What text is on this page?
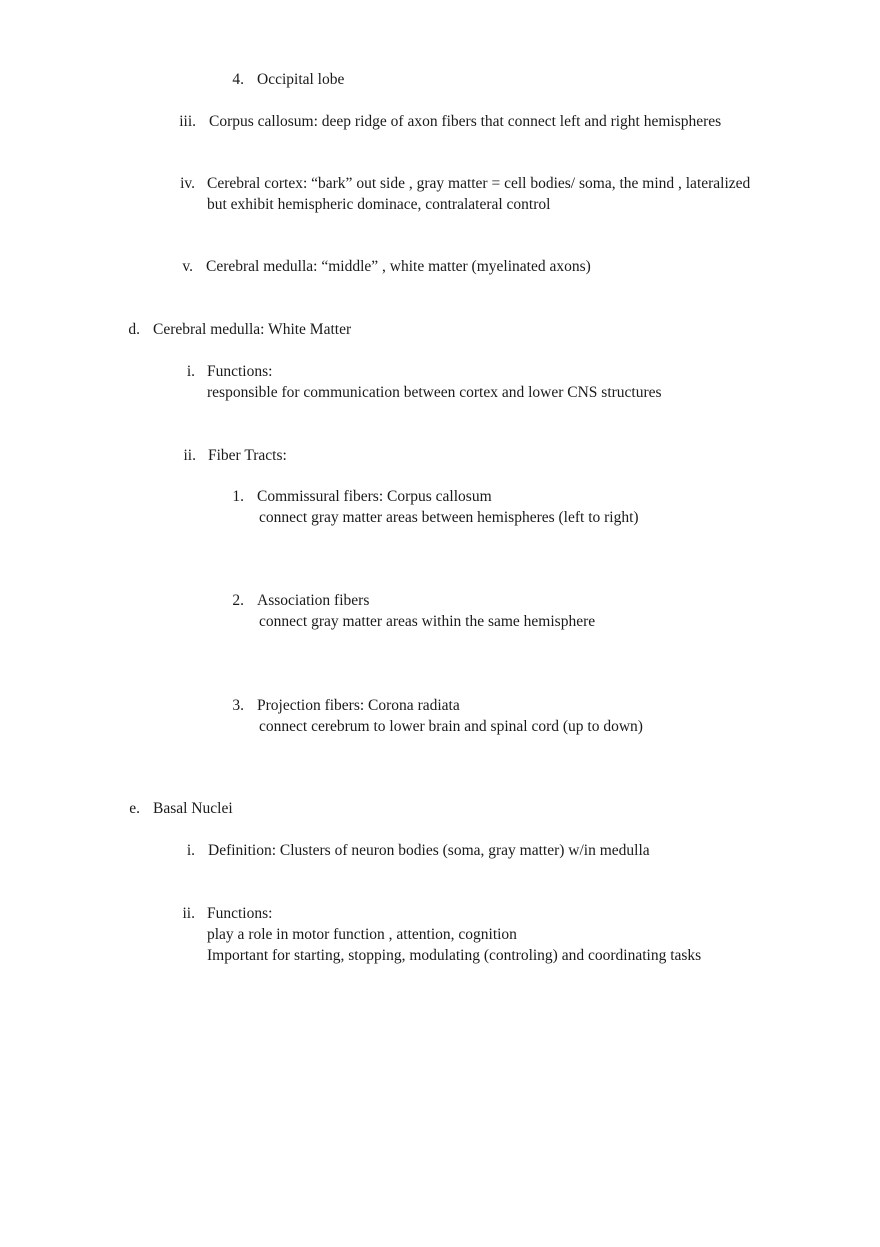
4. Occipital lobe
iii. Corpus callosum: deep ridge of axon fibers that connect left and right hemispheres
iv. Cerebral cortex: “bark” out side , gray matter = cell bodies/ soma, the mind , lateralized
but exhibit hemispheric dominace, contralateral control
v. Cerebral medulla: “middle” , white matter (myelinated axons)
d. Cerebral medulla: White Matter
i. Functions:
responsible for communication between cortex and lower CNS structures
ii. Fiber Tracts:
1. Commissural fibers: Corpus callosum
connect gray matter areas between hemispheres (left to right)
2. Association fibers
connect gray matter areas within the same hemisphere
3. Projection fibers: Corona radiata
connect cerebrum to lower brain and spinal cord (up to down)
e. Basal Nuclei
i. Definition: Clusters of neuron bodies (soma, gray matter) w/in medulla
ii. Functions:
play a role in motor function , attention, cognition
Important for starting, stopping, modulating (controling) and coordinating tasks
